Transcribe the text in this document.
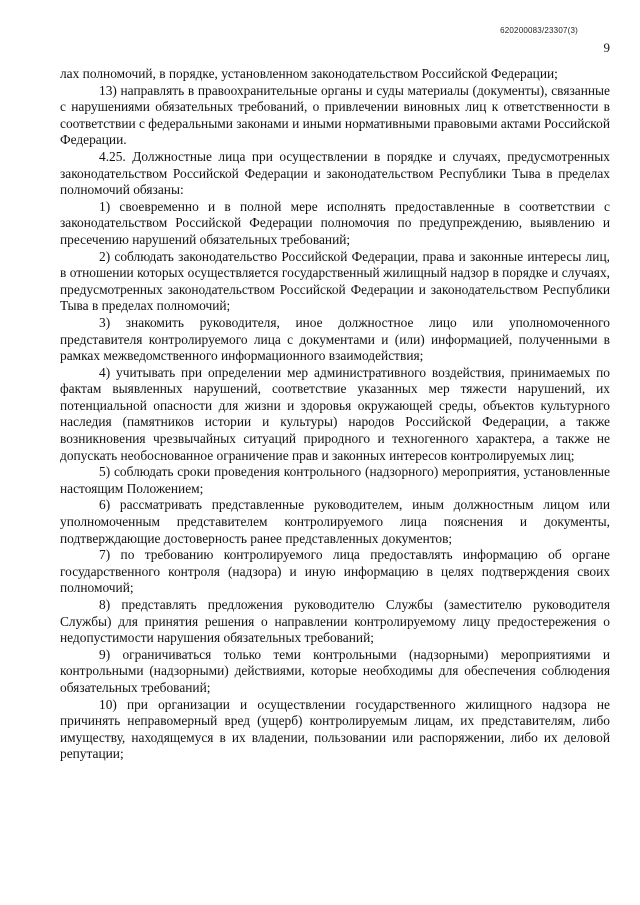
620200083/23307(3)
9

лах полномочий, в порядке, установленном законодательством Российской Федерации;

13) направлять в правоохранительные органы и суды материалы (документы), связанные с нарушениями обязательных требований, о привлечении виновных лиц к ответственности в соответствии с федеральными законами и иными нормативными правовыми актами Российской Федерации.

4.25. Должностные лица при осуществлении в порядке и случаях, предусмотренных законодательством Российской Федерации и законодательством Республики Тыва в пределах полномочий обязаны:

1) своевременно и в полной мере исполнять предоставленные в соответствии с законодательством Российской Федерации полномочия по предупреждению, выявлению и пресечению нарушений обязательных требований;

2) соблюдать законодательство Российской Федерации, права и законные интересы лиц, в отношении которых осуществляется государственный жилищный надзор в порядке и случаях, предусмотренных законодательством Российской Федерации и законодательством Республики Тыва в пределах полномочий;

3) знакомить руководителя, иное должностное лицо или уполномоченного представителя контролируемого лица с документами и (или) информацией, полученными в рамках межведомственного информационного взаимодействия;

4) учитывать при определении мер административного воздействия, принимаемых по фактам выявленных нарушений, соответствие указанных мер тяжести нарушений, их потенциальной опасности для жизни и здоровья окружающей среды, объектов культурного наследия (памятников истории и культуры) народов Российской Федерации, а также возникновения чрезвычайных ситуаций природного и техногенного характера, а также не допускать необоснованное ограничение прав и законных интересов контролируемых лиц;

5) соблюдать сроки проведения контрольного (надзорного) мероприятия, установленные настоящим Положением;

6) рассматривать представленные руководителем, иным должностным лицом или уполномоченным представителем контролируемого лица пояснения и документы, подтверждающие достоверность ранее представленных документов;

7) по требованию контролируемого лица предоставлять информацию об органе государственного контроля (надзора) и иную информацию в целях подтверждения своих полномочий;

8) представлять предложения руководителю Службы (заместителю руководителя Службы) для принятия решения о направлении контролируемому лицу предостережения о недопустимости нарушения обязательных требований;

9) ограничиваться только теми контрольными (надзорными) мероприятиями и контрольными (надзорными) действиями, которые необходимы для обеспечения соблюдения обязательных требований;

10) при организации и осуществлении государственного жилищного надзора не причинять неправомерный вред (ущерб) контролируемым лицам, их представителям, либо имуществу, находящемуся в их владении, пользовании или распоряжении, либо их деловой репутации;
